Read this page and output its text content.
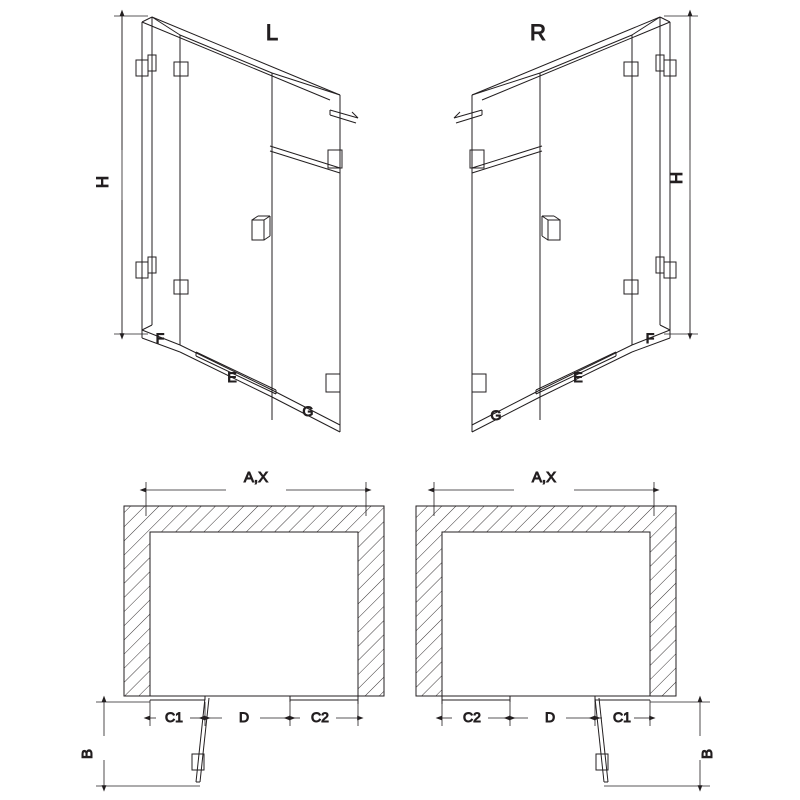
L
H
F
E
G
R
H
F
E
G
A,X
C1	D	C2
B
A,X
C2	D	C1
B
